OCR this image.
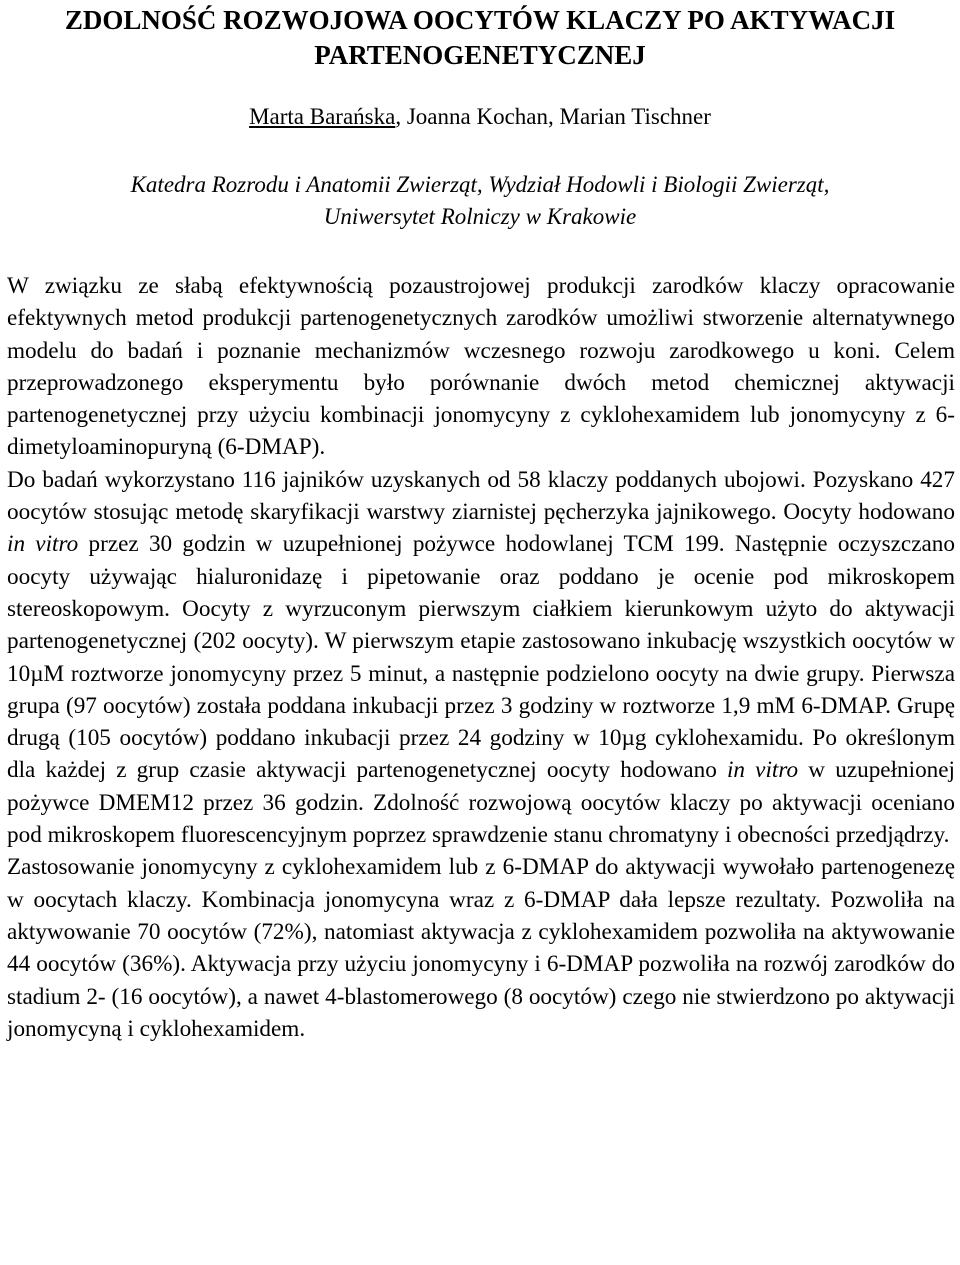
ZDOLNOŚĆ ROZWOJOWA OOCYTÓW KLACZY PO AKTYWACJI
PARTENOGENETYCZNEJ

Marta Barańska, Joanna Kochan, Marian Tischner

Katedra Rozrodu i Anatomii Zwierząt, Wydział Hodowli i Biologii Zwierząt,
Uniwersytet Rolniczy w Krakowie

W związku ze słabą efektywnością pozaustrojowej produkcji zarodków klaczy opracowanie efektywnych metod produkcji partenogenetycznych zarodków umożliwi stworzenie alternatywnego modelu do badań i poznanie mechanizmów wczesnego rozwoju zarodkowego u koni. Celem przeprowadzonego eksperymentu było porównanie dwóch metod chemicznej aktywacji partenogenetycznej przy użyciu kombinacji jonomycyny z cyklohexamidem lub jonomycyny z 6-dimetyloaminopuryną (6-DMAP).

Do badań wykorzystano 116 jajników uzyskanych od 58 klaczy poddanych ubojowi. Pozyskano 427 oocytów stosując metodę skaryfikacji warstwy ziarnistej pęcherzyka jajnikowego. Oocyty hodowano in vitro przez 30 godzin w uzupełnionej pożywce hodowlanej TCM 199. Następnie oczyszczano oocyty używając hialuronidazę i pipetowanie oraz poddano je ocenie pod mikroskopem stereoskopowym. Oocyty z wyrzuconym pierwszym ciałkiem kierunkowym użyto do aktywacji partenogenetycznej (202 oocyty). W pierwszym etapie zastosowano inkubację wszystkich oocytów w 10µM roztworze jonomycyny przez 5 minut, a następnie podzielono oocyty na dwie grupy. Pierwsza grupa (97 oocytów) została poddana inkubacji przez 3 godziny w roztworze 1,9 mM 6-DMAP. Grupę drugą (105 oocytów) poddano inkubacji przez 24 godziny w 10µg cyklohexamidu. Po określonym dla każdej z grup czasie aktywacji partenogenetycznej oocyty hodowano in vitro w uzupełnionej pożywce DMEM12 przez 36 godzin. Zdolność rozwojową oocytów klaczy po aktywacji oceniano pod mikroskopem fluorescencyjnym poprzez sprawdzenie stanu chromatyny i obecności przedjądrzy.

Zastosowanie jonomycyny z cyklohexamidem lub z 6-DMAP do aktywacji wywołało partenogenezę w oocytach klaczy. Kombinacja jonomycyna wraz z 6-DMAP dała lepsze rezultaty. Pozwoliła na aktywowanie 70 oocytów (72%), natomiast aktywacja z cyklohexamidem pozwoliła na aktywowanie 44 oocytów (36%). Aktywacja przy użyciu jonomycyny i 6-DMAP pozwoliła na rozwój zarodków do stadium 2- (16 oocytów), a nawet 4-blastomerowego (8 oocytów) czego nie stwierdzono po aktywacji jonomycyną i cyklohexamidem.
